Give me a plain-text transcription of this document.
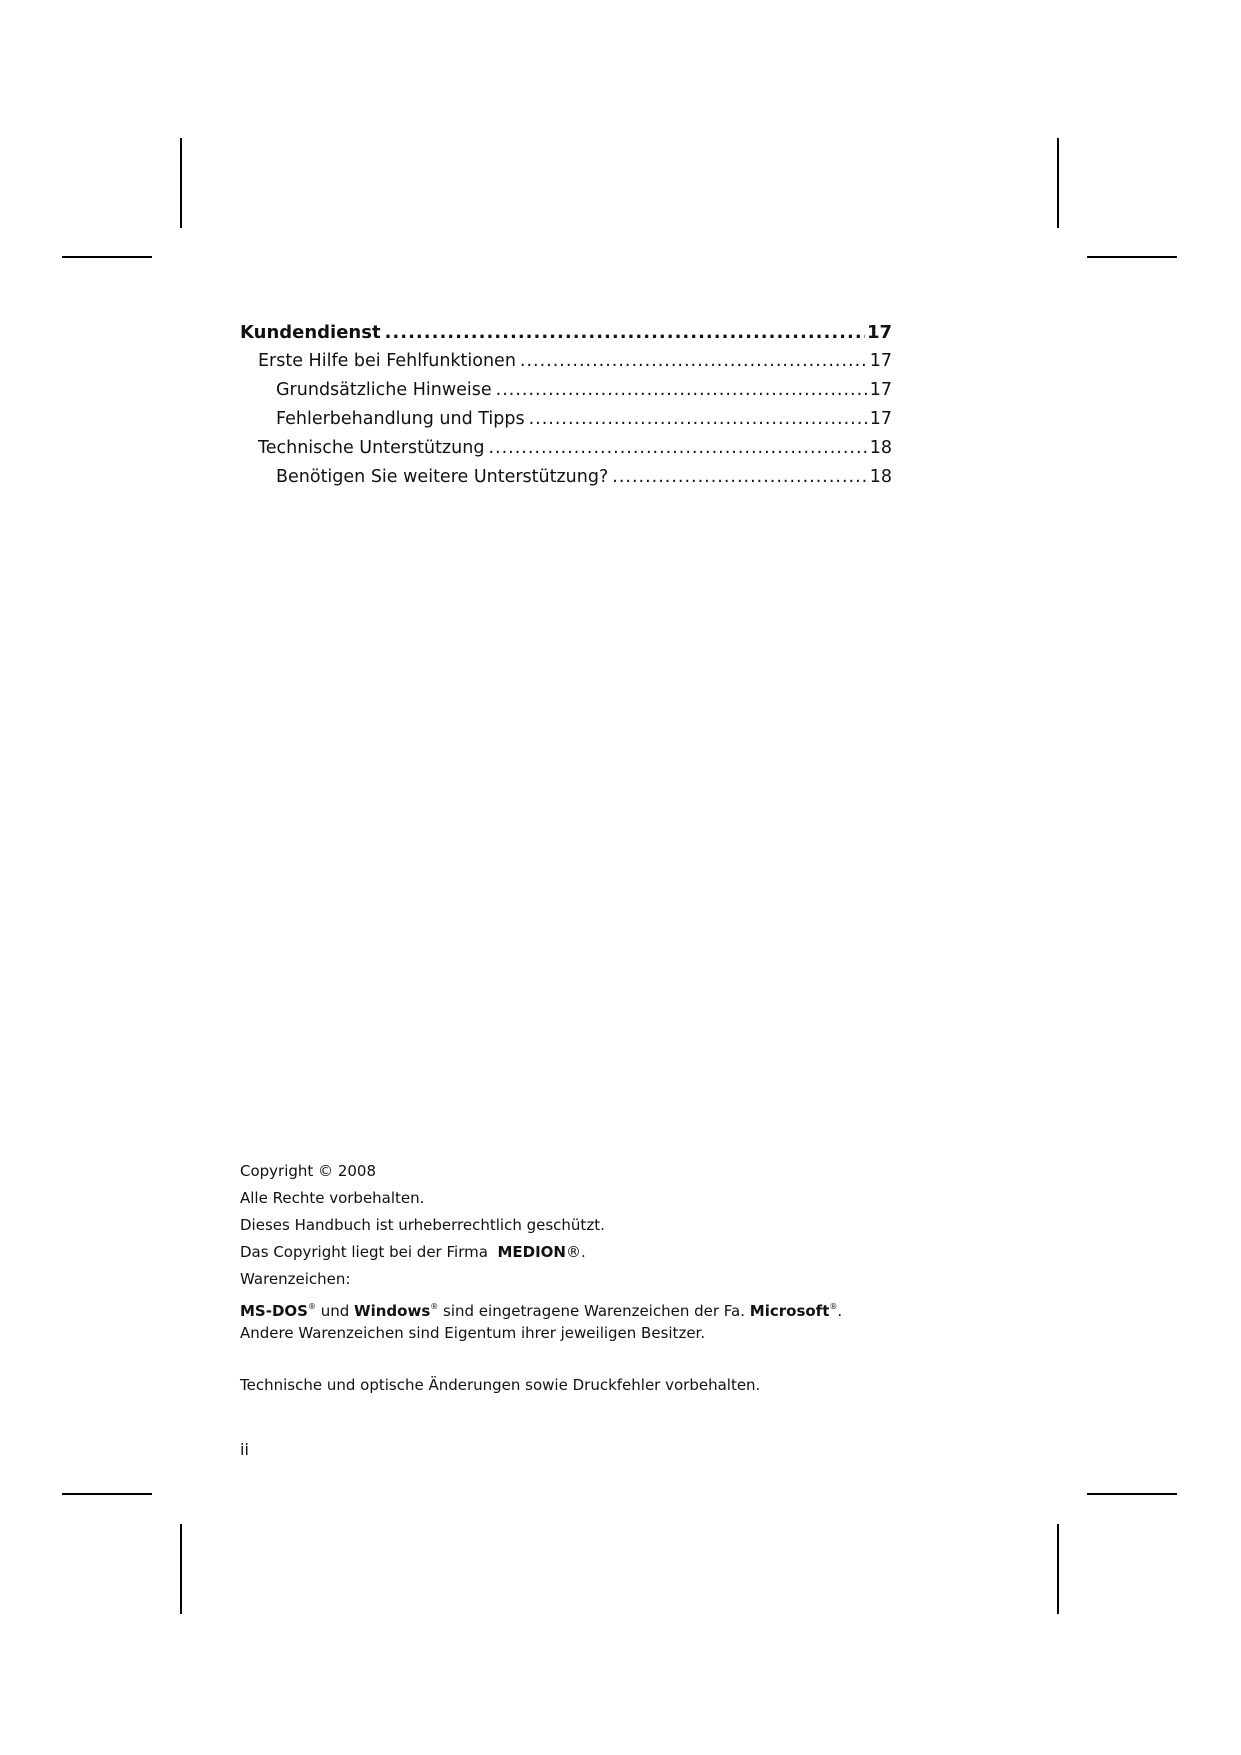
Kundendienst .....	17
Erste Hilfe bei Fehlfunktionen .....	17
Grundsätzliche Hinweise .....	17
Fehlerbehandlung und Tipps .....	17
Technische Unterstützung .....	18
Benötigen Sie weitere Unterstützung? .....	18
Copyright © 2008
Alle Rechte vorbehalten.
Dieses Handbuch ist urheberrechtlich geschützt.
Das Copyright liegt bei der Firma MEDION®.
Warenzeichen:
MS-DOS® und Windows® sind eingetragene Warenzeichen der Fa. Microsoft®.
Andere Warenzeichen sind Eigentum ihrer jeweiligen Besitzer.
Technische und optische Änderungen sowie Druckfehler vorbehalten.
ii
